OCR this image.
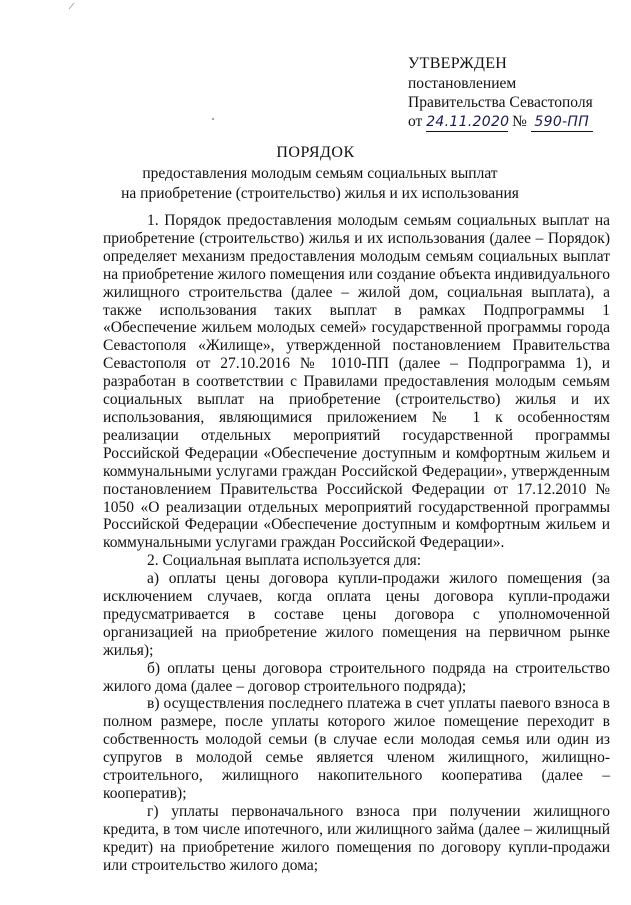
УТВЕРЖДЕН
постановлением
Правительства Севастополя
от 24.11.2020 № 590-ПП
ПОРЯДОК
предоставления молодым семьям социальных выплат
на приобретение (строительство) жилья и их использования

1. Порядок предоставления молодым семьям социальных выплат на приобретение (строительство) жилья и их использования (далее – Порядок) определяет механизм предоставления молодым семьям социальных выплат на приобретение жилого помещения или создание объекта индивидуального жилищного строительства (далее – жилой дом, социальная выплата), а также использования таких выплат в рамках Подпрограммы 1 «Обеспечение жильем молодых семей» государственной программы города Севастополя «Жилище», утвержденной постановлением Правительства Севастополя от 27.10.2016 № 1010-ПП (далее – Подпрограмма 1), и разработан в соответствии с Правилами предоставления молодым семьям социальных выплат на приобретение (строительство) жилья и их использования, являющимися приложением № 1 к особенностям реализации отдельных мероприятий государственной программы Российской Федерации «Обеспечение доступным и комфортным жильем и коммунальными услугами граждан Российской Федерации», утвержденным постановлением Правительства Российской Федерации от 17.12.2010 № 1050 «О реализации отдельных мероприятий государственной программы Российской Федерации «Обеспечение доступным и комфортным жильем и коммунальными услугами граждан Российской Федерации».

2. Социальная выплата используется для:

а) оплаты цены договора купли-продажи жилого помещения (за исключением случаев, когда оплата цены договора купли-продажи предусматривается в составе цены договора с уполномоченной организацией на приобретение жилого помещения на первичном рынке жилья);

б) оплаты цены договора строительного подряда на строительство жилого дома (далее – договор строительного подряда);

в) осуществления последнего платежа в счет уплаты паевого взноса в полном размере, после уплаты которого жилое помещение переходит в собственность молодой семьи (в случае если молодая семья или один из супругов в молодой семье является членом жилищного, жилищно-строительного, жилищного накопительного кооператива (далее – кооператив);

г) уплаты первоначального взноса при получении жилищного кредита, в том числе ипотечного, или жилищного займа (далее – жилищный кредит) на приобретение жилого помещения по договору купли-продажи или строительство жилого дома;
